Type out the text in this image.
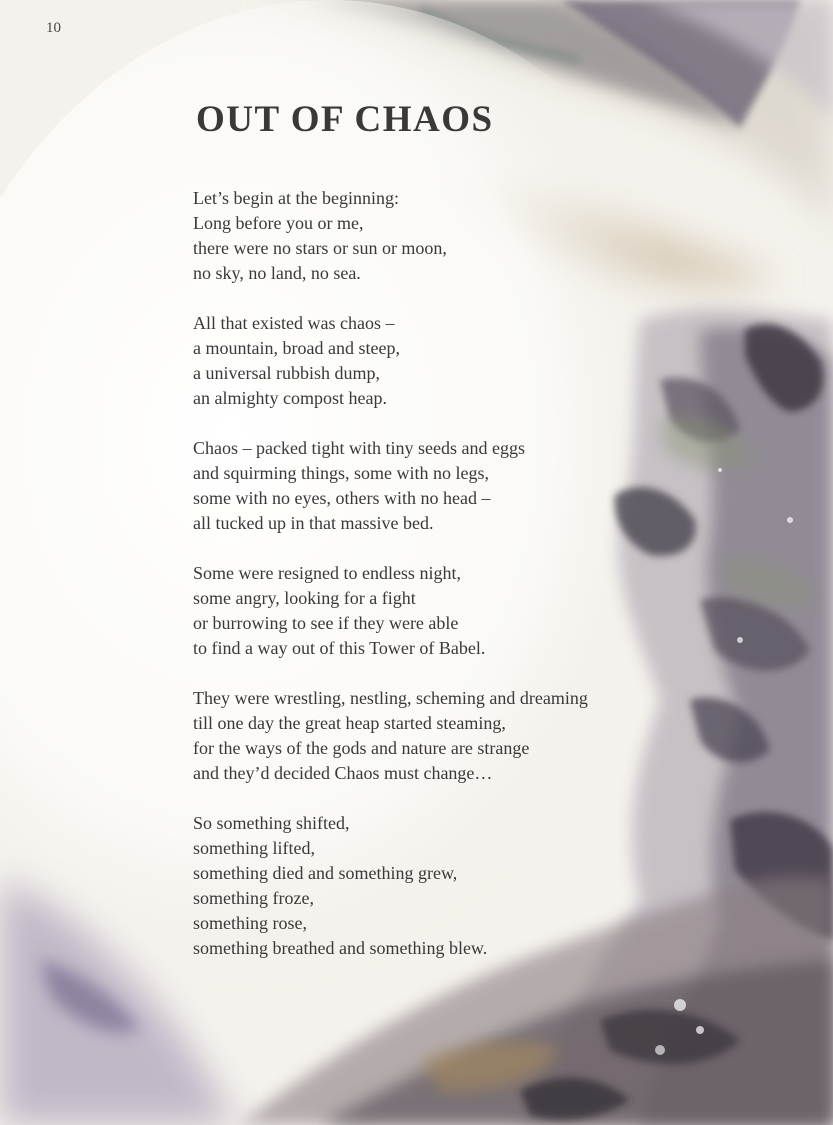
10
OUT OF CHAOS
Let’s begin at the beginning:
Long before you or me,
there were no stars or sun or moon,
no sky, no land, no sea.
All that existed was chaos –
a mountain, broad and steep,
a universal rubbish dump,
an almighty compost heap.
Chaos – packed tight with tiny seeds and eggs
and squirming things, some with no legs,
some with no eyes, others with no head –
all tucked up in that massive bed.
Some were resigned to endless night,
some angry, looking for a fight
or burrowing to see if they were able
to find a way out of this Tower of Babel.
They were wrestling, nestling, scheming and dreaming
till one day the great heap started steaming,
for the ways of the gods and nature are strange
and they’d decided Chaos must change…
So something shifted,
something lifted,
something died and something grew,
something froze,
something rose,
something breathed and something blew.
